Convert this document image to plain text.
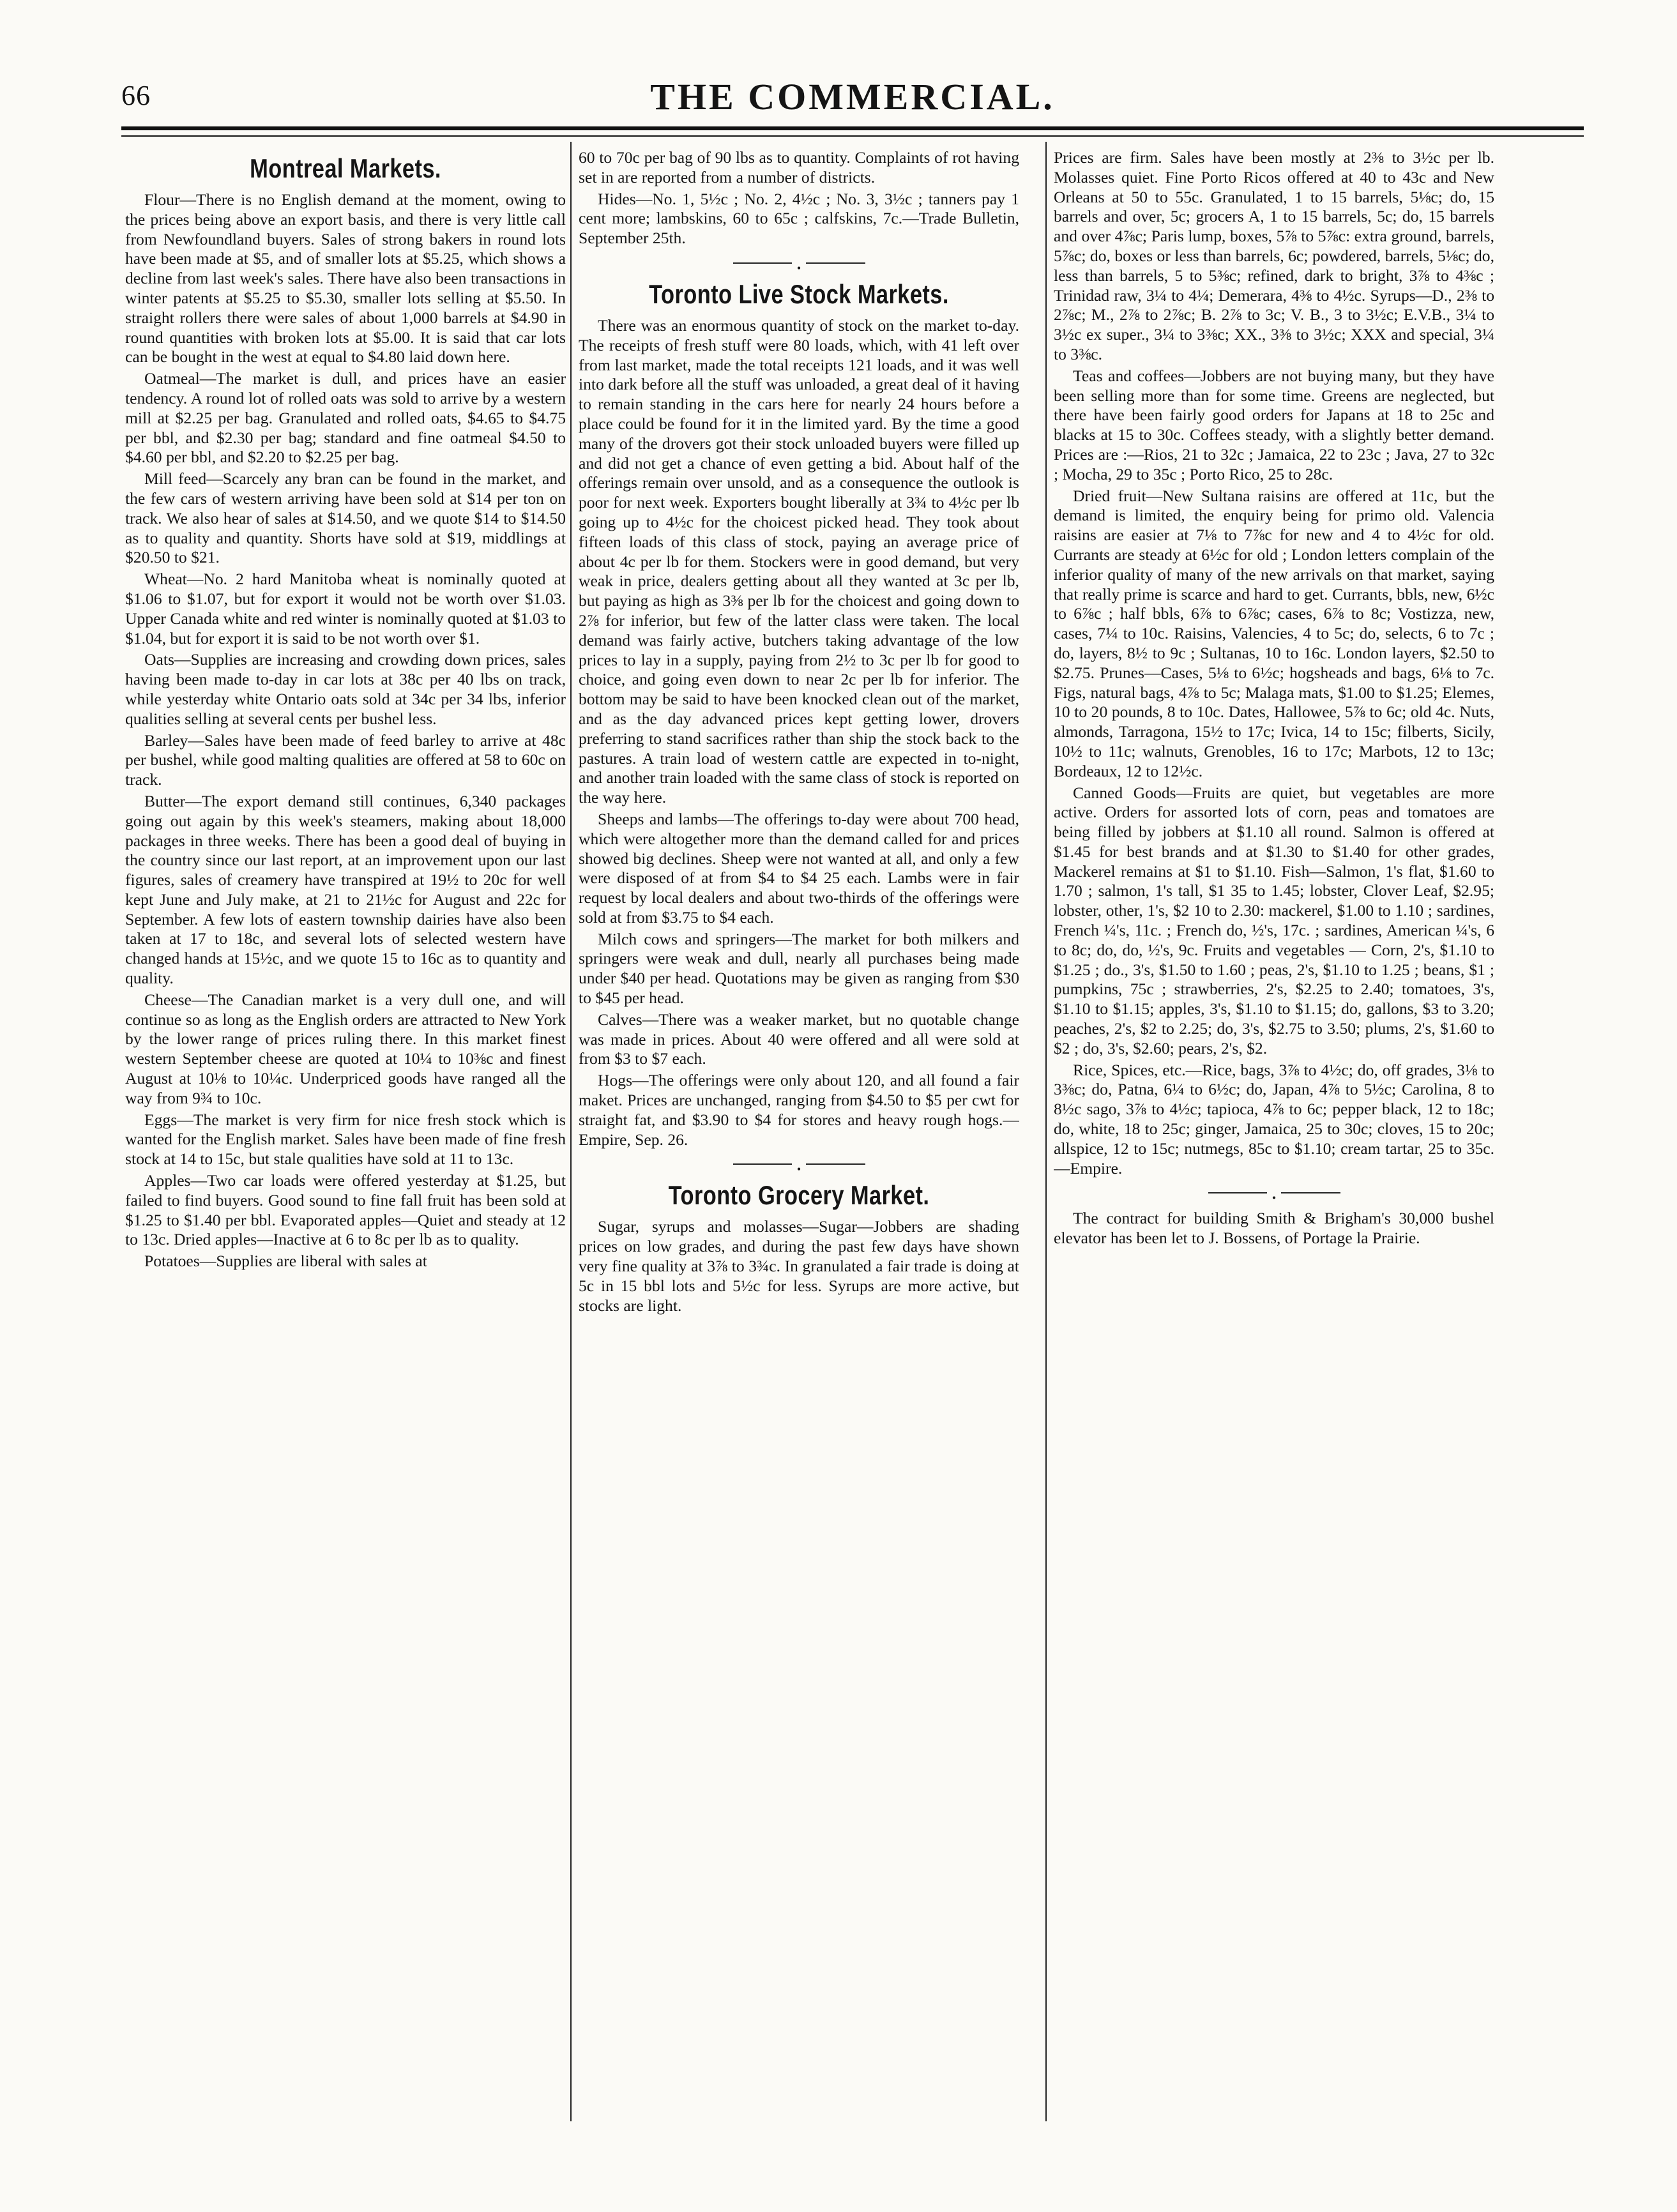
66	THE COMMERCIAL.
Montreal Markets.

Flour—There is no English demand at the moment, owing to the prices being above an export basis, and there is very little call from Newfoundland buyers. Sales of strong bakers in round lots have been made at $5, and of smaller lots at $5.25, which shows a decline from last week's sales. There have also been transactions in winter patents at $5.25 to $5.30, smaller lots selling at $5.50. In straight rollers there were sales of about 1,000 barrels at $4.90 in round quantities with broken lots at $5.00. It is said that car lots can be bought in the west at equal to $4.80 laid down here.

Oatmeal—The market is dull, and prices have an easier tendency. A round lot of rolled oats was sold to arrive by a western mill at $2.25 per bag. Granulated and rolled oats, $4.65 to $4.75 per bbl, and $2.30 per bag; standard and fine oatmeal $4.50 to $4.60 per bbl, and $2.20 to $2.25 per bag.

Mill feed—Scarcely any bran can be found in the market, and the few cars of western arriving have been sold at $14 per ton on track. We also hear of sales at $14.50, and we quote $14 to $14.50 as to quality and quantity. Shorts have sold at $19, middlings at $20.50 to $21.

Wheat—No. 2 hard Manitoba wheat is nominally quoted at $1.06 to $1.07, but for export it would not be worth over $1.03. Upper Canada white and red winter is nominally quoted at $1.03 to $1.04, but for export it is said to be not worth over $1.

Oats—Supplies are increasing and crowding down prices, sales having been made to-day in car lots at 38c per 40 lbs on track, while yesterday white Ontario oats sold at 34c per 34 lbs, inferior qualities selling at several cents per bushel less.

Barley—Sales have been made of feed barley to arrive at 48c per bushel, while good malting qualities are offered at 58 to 60c on track.

Butter—The export demand still continues, 6,340 packages going out again by this week's steamers, making about 18,000 packages in three weeks. There has been a good deal of buying in the country since our last report, at an improvement upon our last figures, sales of creamery have transpired at 19½ to 20c for well kept June and July make, at 21 to 21½c for August and 22c for September. A few lots of eastern township dairies have also been taken at 17 to 18c, and several lots of selected western have changed hands at 15½c, and we quote 15 to 16c as to quantity and quality.

Cheese—The Canadian market is a very dull one, and will continue so as long as the English orders are attracted to New York by the lower range of prices ruling there. In this market finest western September cheese are quoted at 10¼ to 10⅜c and finest August at 10⅛ to 10¼c. Underpriced goods have ranged all the way from 9¾ to 10c.

Eggs—The market is very firm for nice fresh stock which is wanted for the English market. Sales have been made of fine fresh stock at 14 to 15c, but stale qualities have sold at 11 to 13c.

Apples—Two car loads were offered yesterday at $1.25, but failed to find buyers. Good sound to fine fall fruit has been sold at $1.25 to $1.40 per bbl. Evaporated apples—Quiet and steady at 12 to 13c. Dried apples—Inactive at 6 to 8c per lb as to quality.

Potatoes—Supplies are liberal with sales at

60 to 70c per bag of 90 lbs as to quantity. Complaints of rot having set in are reported from a number of districts.

Hides—No. 1, 5½c ; No. 2, 4½c ; No. 3, 3½c ; tanners pay 1 cent more; lambskins, 60 to 65c ; calfskins, 7c.—Trade Bulletin, September 25th.

•
Toronto Live Stock Markets.

There was an enormous quantity of stock on the market to-day. The receipts of fresh stuff were 80 loads, which, with 41 left over from last market, made the total receipts 121 loads, and it was well into dark before all the stuff was unloaded, a great deal of it having to remain standing in the cars here for nearly 24 hours before a place could be found for it in the limited yard. By the time a good many of the drovers got their stock unloaded buyers were filled up and did not get a chance of even getting a bid. About half of the offerings remain over unsold, and as a consequence the outlook is poor for next week. Exporters bought liberally at 3¾ to 4½c per lb going up to 4½c for the choicest picked head. They took about fifteen loads of this class of stock, paying an average price of about 4c per lb for them. Stockers were in good demand, but very weak in price, dealers getting about all they wanted at 3c per lb, but paying as high as 3⅜ per lb for the choicest and going down to 2⅞ for inferior, but few of the latter class were taken. The local demand was fairly active, butchers taking advantage of the low prices to lay in a supply, paying from 2½ to 3c per lb for good to choice, and going even down to near 2c per lb for inferior. The bottom may be said to have been knocked clean out of the market, and as the day advanced prices kept getting lower, drovers preferring to stand sacrifices rather than ship the stock back to the pastures. A train load of western cattle are expected in to-night, and another train loaded with the same class of stock is reported on the way here.

Sheeps and lambs—The offerings to-day were about 700 head, which were altogether more than the demand called for and prices showed big declines. Sheep were not wanted at all, and only a few were disposed of at from $4 to $4 25 each. Lambs were in fair request by local dealers and about two-thirds of the offerings were sold at from $3.75 to $4 each.

Milch cows and springers—The market for both milkers and springers were weak and dull, nearly all purchases being made under $40 per head. Quotations may be given as ranging from $30 to $45 per head.

Calves—There was a weaker market, but no quotable change was made in prices. About 40 were offered and all were sold at from $3 to $7 each.

Hogs—The offerings were only about 120, and all found a fair maket. Prices are unchanged, ranging from $4.50 to $5 per cwt for straight fat, and $3.90 to $4 for stores and heavy rough hogs.—Empire, Sep. 26.

•
Toronto Grocery Market.

Sugar, syrups and molasses—Sugar—Jobbers are shading prices on low grades, and during the past few days have shown very fine quality at 3⅞ to 3¾c. In granulated a fair trade is doing at 5c in 15 bbl lots and 5½c for less. Syrups are more active, but stocks are light.

Prices are firm. Sales have been mostly at 2⅜ to 3½c per lb. Molasses quiet. Fine Porto Ricos offered at 40 to 43c and New Orleans at 50 to 55c. Granulated, 1 to 15 barrels, 5⅛c; do, 15 barrels and over, 5c; grocers A, 1 to 15 barrels, 5c; do, 15 barrels and over 4⅞c; Paris lump, boxes, 5⅞ to 5⅞c: extra ground, barrels, 5⅞c; do, boxes or less than barrels, 6c; powdered, barrels, 5⅛c; do, less than barrels, 5 to 5⅜c; refined, dark to bright, 3⅞ to 4⅜c ; Trinidad raw, 3¼ to 4¼; Demerara, 4⅜ to 4½c. Syrups—D., 2⅜ to 2⅞c; M., 2⅞ to 2⅞c; B. 2⅞ to 3c; V. B., 3 to 3½c; E.V.B., 3¼ to 3½c ex super., 3¼ to 3⅜c; XX., 3⅜ to 3½c; XXX and special, 3¼ to 3⅜c.

Teas and coffees—Jobbers are not buying many, but they have been selling more than for some time. Greens are neglected, but there have been fairly good orders for Japans at 18 to 25c and blacks at 15 to 30c. Coffees steady, with a slightly better demand. Prices are :—Rios, 21 to 32c ; Jamaica, 22 to 23c ; Java, 27 to 32c ; Mocha, 29 to 35c ; Porto Rico, 25 to 28c.

Dried fruit—New Sultana raisins are offered at 11c, but the demand is limited, the enquiry being for primo old. Valencia raisins are easier at 7⅛ to 7⅞c for new and 4 to 4½c for old. Currants are steady at 6½c for old ; London letters complain of the inferior quality of many of the new arrivals on that market, saying that really prime is scarce and hard to get. Currants, bbls, new, 6½c to 6⅞c ; half bbls, 6⅞ to 6⅞c; cases, 6⅞ to 8c; Vostizza, new, cases, 7¼ to 10c. Raisins, Valencies, 4 to 5c; do, selects, 6 to 7c ; do, layers, 8½ to 9c ; Sultanas, 10 to 16c. London layers, $2.50 to $2.75. Prunes—Cases, 5⅛ to 6½c; hogsheads and bags, 6⅛ to 7c. Figs, natural bags, 4⅞ to 5c; Malaga mats, $1.00 to $1.25; Elemes, 10 to 20 pounds, 8 to 10c. Dates, Hallowee, 5⅞ to 6c; old 4c. Nuts, almonds, Tarragona, 15½ to 17c; Ivica, 14 to 15c; filberts, Sicily, 10½ to 11c; walnuts, Grenobles, 16 to 17c; Marbots, 12 to 13c; Bordeaux, 12 to 12½c.

Canned Goods—Fruits are quiet, but vegetables are more active. Orders for assorted lots of corn, peas and tomatoes are being filled by jobbers at $1.10 all round. Salmon is offered at $1.45 for best brands and at $1.30 to $1.40 for other grades, Mackerel remains at $1 to $1.10. Fish—Salmon, 1's flat, $1.60 to 1.70 ; salmon, 1's tall, $1 35 to 1.45; lobster, Clover Leaf, $2.95; lobster, other, 1's, $2 10 to 2.30: mackerel, $1.00 to 1.10 ; sardines, French ¼'s, 11c. ; French do, ½'s, 17c. ; sardines, American ¼'s, 6 to 8c; do, do, ½'s, 9c. Fruits and vegetables — Corn, 2's, $1.10 to $1.25 ; do., 3's, $1.50 to 1.60 ; peas, 2's, $1.10 to 1.25 ; beans, $1 ; pumpkins, 75c ; strawberries, 2's, $2.25 to 2.40; tomatoes, 3's, $1.10 to $1.15; apples, 3's, $1.10 to $1.15; do, gallons, $3 to 3.20; peaches, 2's, $2 to 2.25; do, 3's, $2.75 to 3.50; plums, 2's, $1.60 to $2 ; do, 3's, $2.60; pears, 2's, $2.

Rice, Spices, etc.—Rice, bags, 3⅞ to 4½c; do, off grades, 3⅛ to 3⅜c; do, Patna, 6¼ to 6½c; do, Japan, 4⅞ to 5½c; Carolina, 8 to 8½c sago, 3⅞ to 4½c; tapioca, 4⅞ to 6c; pepper black, 12 to 18c; do, white, 18 to 25c; ginger, Jamaica, 25 to 30c; cloves, 15 to 20c; allspice, 12 to 15c; nutmegs, 85c to $1.10; cream tartar, 25 to 35c. —Empire.

•

The contract for building Smith & Brigham's 30,000 bushel elevator has been let to J. Bossens, of Portage la Prairie.
